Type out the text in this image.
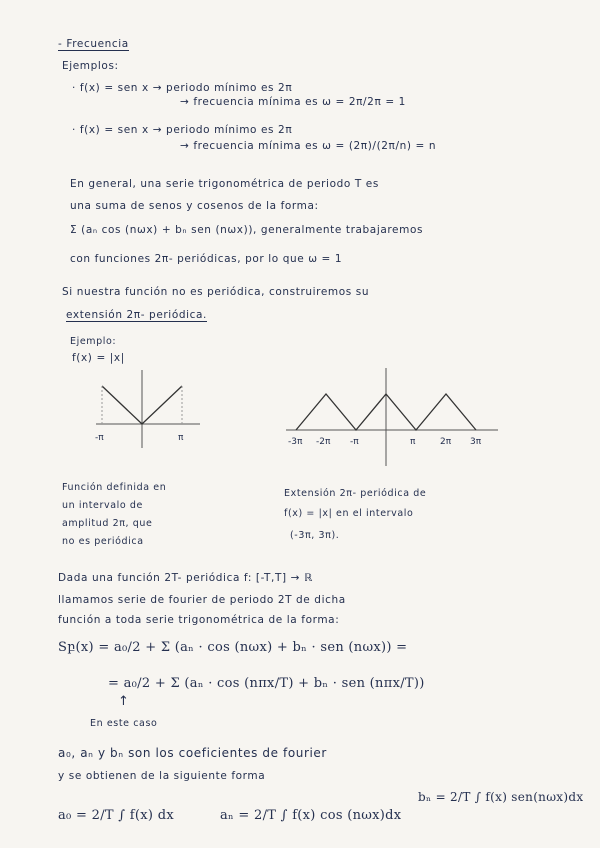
- Frecuencia
Ejemplos:
· f(x) = sen x → periodo mínimo es 2π
→ frecuencia mínima es ω = 2π/2π = 1
· f(x) = sen x → periodo mínimo es 2π
→ frecuencia mínima es ω = (2π)/(2π/n) = n
En general, una serie trigonométrica de periodo T es
una suma de senos y cosenos de la forma:
Σ (aₙ cos (nωx) + bₙ sen (nωx)), generalmente trabajaremos
con funciones 2π- periódicas, por lo que ω = 1
Si nuestra función no es periódica, construiremos su
extensión 2π- periódica.
Ejemplo:
f(x) = |x|
-π	π	-3π -2π -π	π	2π 3π
Función definida en
un intervalo de
amplitud 2π, que
no es periódica
Extensión 2π- periódica de
f(x) = |x| en el intervalo
(-3π, 3π).
Dada una función 2T- periódica f: [-T,T] → ℝ
llamamos serie de fourier de periodo 2T de dicha
función a toda serie trigonométrica de la forma:
Sբ(x) = a₀/2 + Σ (aₙ · cos (nωx) + bₙ · sen (nωx)) =
= a₀/2 + Σ (aₙ · cos (nπx/T) + bₙ · sen (nπx/T))
↑
En este caso
a₀, aₙ y bₙ son los coeficientes de fourier
y se obtienen de la siguiente forma
a₀ = 2/T ∫ f(x) dx	aₙ = 2/T ∫ f(x) cos (nωx)dx
bₙ = 2/T ∫ f(x) sen(nωx)dx
